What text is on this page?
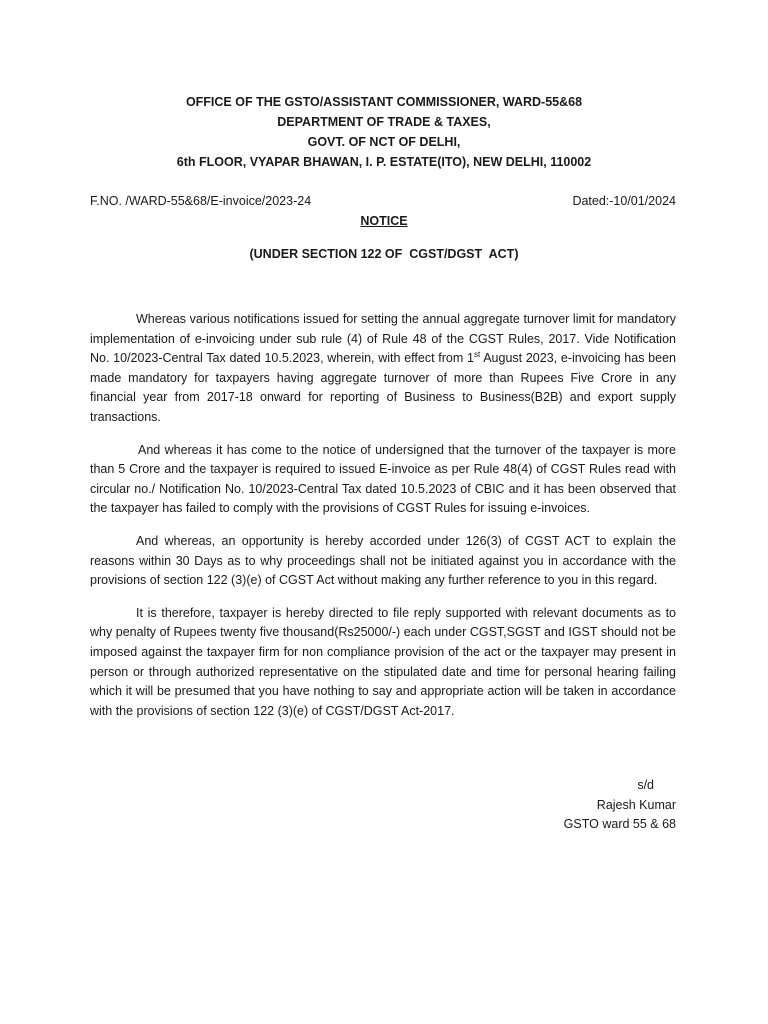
OFFICE OF THE GSTO/ASSISTANT COMMISSIONER, WARD-55&68
DEPARTMENT OF TRADE & TAXES,
GOVT. OF NCT OF DELHI,
6th FLOOR, VYAPAR BHAWAN, I. P. ESTATE(ITO), NEW DELHI, 110002
F.NO. /WARD-55&68/E-invoice/2023-24	Dated:-10/01/2024
NOTICE
(UNDER SECTION 122 OF  CGST/DGST  ACT)

Whereas various notifications issued for setting the annual aggregate turnover limit for mandatory implementation of e-invoicing under sub rule (4) of Rule 48 of the CGST Rules, 2017. Vide Notification No. 10/2023-Central Tax dated 10.5.2023, wherein, with effect from 1st August 2023, e-invoicing has been made mandatory for taxpayers having aggregate turnover of more than Rupees Five Crore in any financial year from 2017-18 onward for reporting of Business to Business(B2B) and export supply transactions.

And whereas it has come to the notice of undersigned that the turnover of the taxpayer is more than 5 Crore and the taxpayer is required to issued E-invoice as per Rule 48(4) of CGST Rules read with circular no./ Notification No. 10/2023-Central Tax dated 10.5.2023 of CBIC and it has been observed that the taxpayer has failed to comply with the provisions of CGST Rules for issuing e-invoices.

And whereas, an opportunity is hereby accorded under 126(3) of CGST ACT to explain the reasons within 30 Days as to why proceedings shall not be initiated against you in accordance with the provisions of section 122 (3)(e) of CGST Act without making any further reference to you in this regard.

It is therefore, taxpayer is hereby directed to file reply supported with relevant documents as to why penalty of Rupees twenty five thousand(Rs25000/-) each under CGST,SGST and IGST should not be imposed against the taxpayer firm for non compliance provision of the act or the taxpayer may present in person or through authorized representative on the stipulated date and time for personal hearing failing which it will be presumed that you have nothing to say and appropriate action will be taken in accordance with the provisions of section 122 (3)(e) of CGST/DGST Act-2017.

s/d
Rajesh Kumar
GSTO ward 55 & 68
